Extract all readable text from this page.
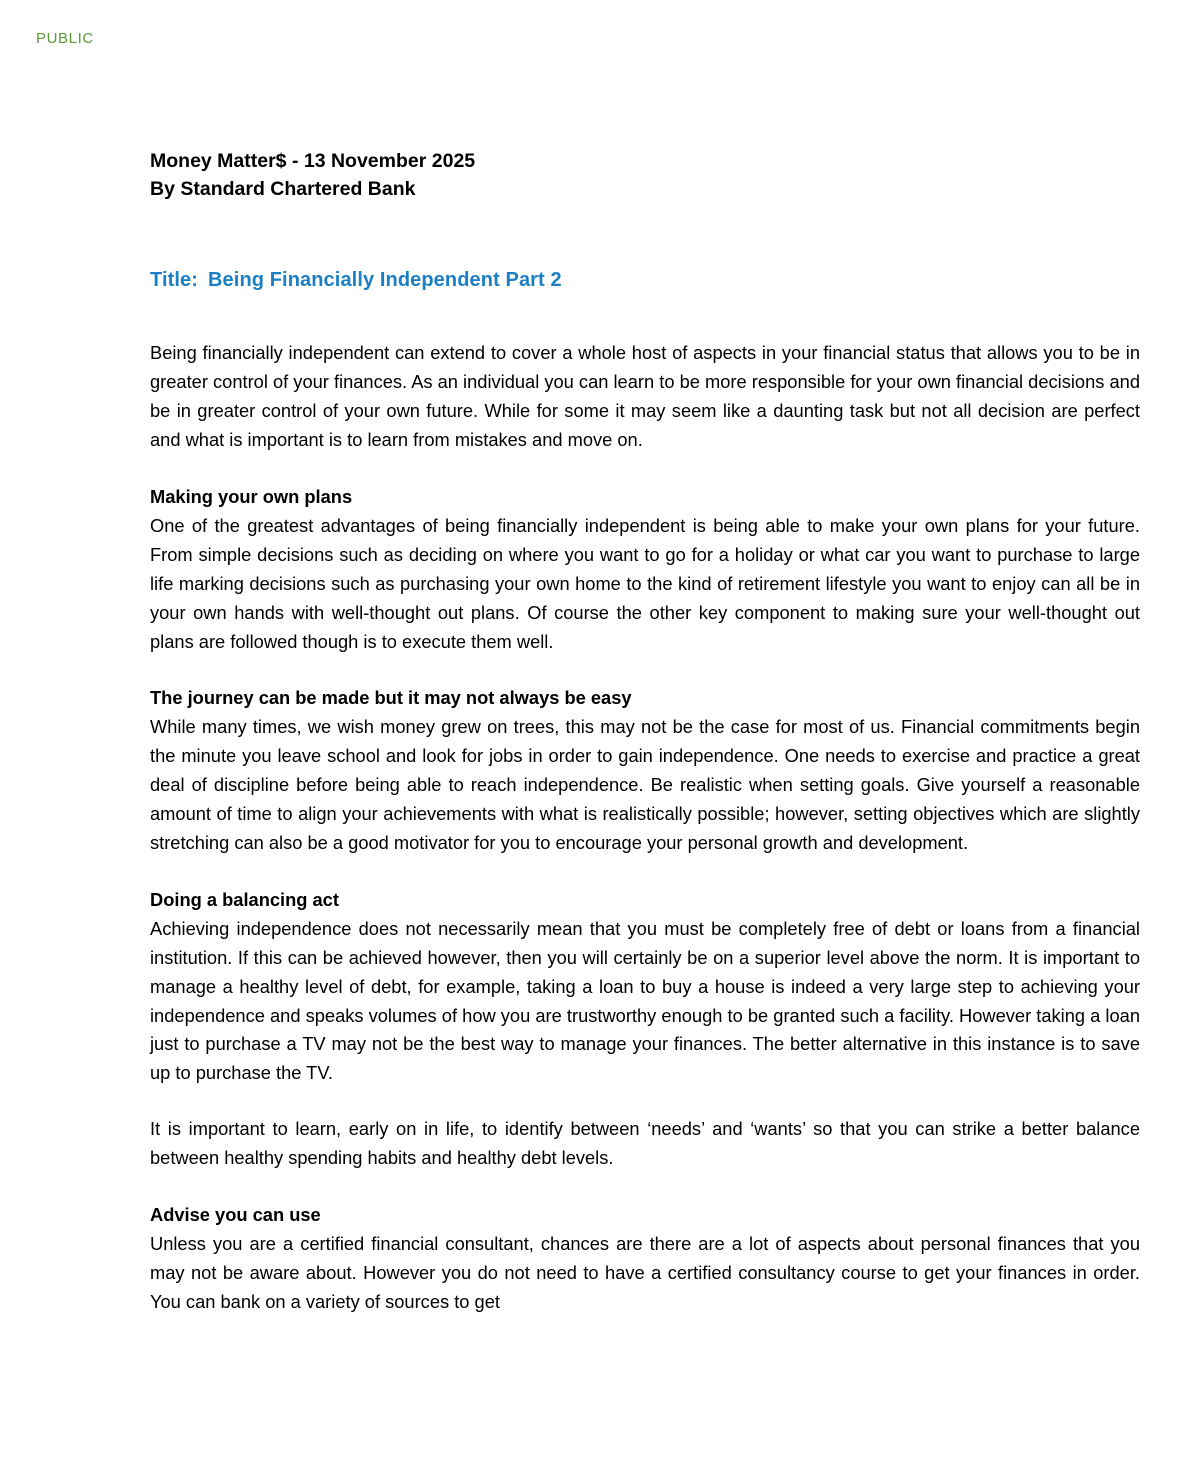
PUBLIC
Money Matter$ - 13 November 2025
By Standard Chartered Bank
Title: Being Financially Independent Part 2

Being financially independent can extend to cover a whole host of aspects in your financial status that allows you to be in greater control of your finances. As an individual you can learn to be more responsible for your own financial decisions and be in greater control of your own future. While for some it may seem like a daunting task but not all decision are perfect and what is important is to learn from mistakes and move on.

Making your own plans

One of the greatest advantages of being financially independent is being able to make your own plans for your future. From simple decisions such as deciding on where you want to go for a holiday or what car you want to purchase to large life marking decisions such as purchasing your own home to the kind of retirement lifestyle you want to enjoy can all be in your own hands with well-thought out plans. Of course the other key component to making sure your well-thought out plans are followed though is to execute them well.

The journey can be made but it may not always be easy

While many times, we wish money grew on trees, this may not be the case for most of us. Financial commitments begin the minute you leave school and look for jobs in order to gain independence. One needs to exercise and practice a great deal of discipline before being able to reach independence. Be realistic when setting goals. Give yourself a reasonable amount of time to align your achievements with what is realistically possible; however, setting objectives which are slightly stretching can also be a good motivator for you to encourage your personal growth and development.

Doing a balancing act

Achieving independence does not necessarily mean that you must be completely free of debt or loans from a financial institution. If this can be achieved however, then you will certainly be on a superior level above the norm. It is important to manage a healthy level of debt, for example, taking a loan to buy a house is indeed a very large step to achieving your independence and speaks volumes of how you are trustworthy enough to be granted such a facility. However taking a loan just to purchase a TV may not be the best way to manage your finances. The better alternative in this instance is to save up to purchase the TV.

It is important to learn, early on in life, to identify between ‘needs’ and ‘wants’ so that you can strike a better balance between healthy spending habits and healthy debt levels.

Advise you can use

Unless you are a certified financial consultant, chances are there are a lot of aspects about personal finances that you may not be aware about. However you do not need to have a certified consultancy course to get your finances in order. You can bank on a variety of sources to get
